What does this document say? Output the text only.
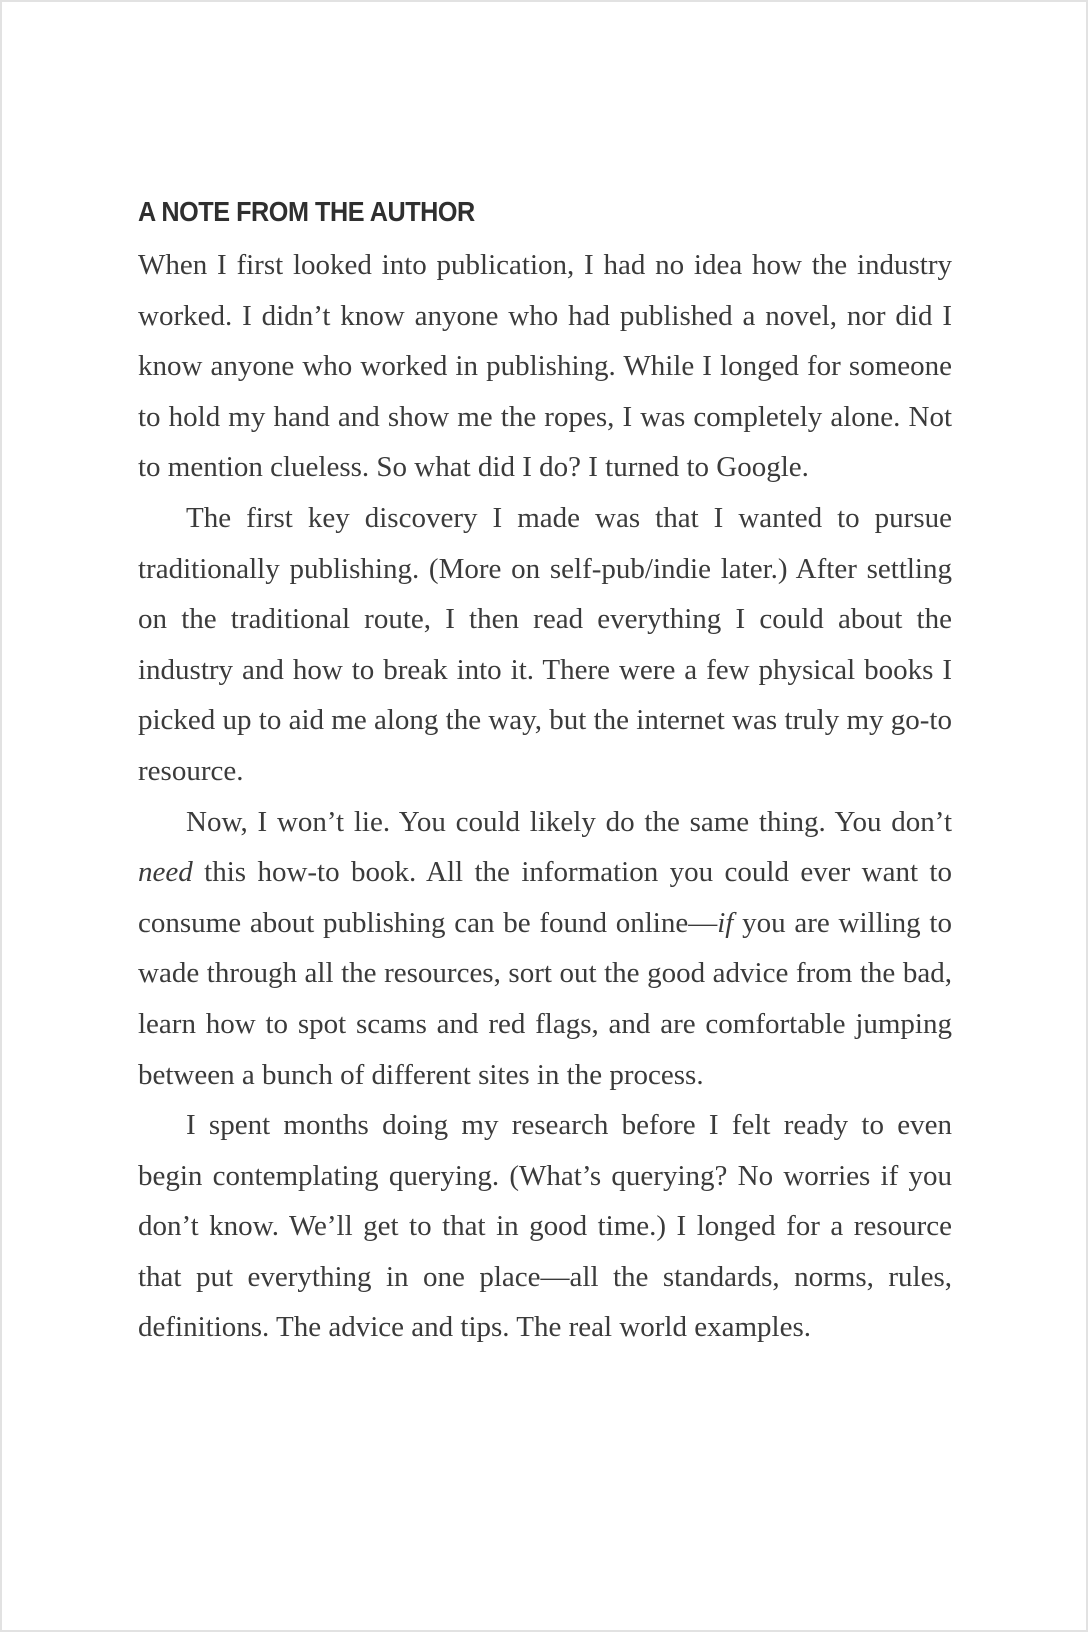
A NOTE FROM THE AUTHOR

When I first looked into publication, I had no idea how the industry worked. I didn’t know anyone who had published a novel, nor did I know anyone who worked in publishing. While I longed for someone to hold my hand and show me the ropes, I was completely alone. Not to mention clueless. So what did I do? I turned to Google.

The first key discovery I made was that I wanted to pursue traditionally publishing. (More on self-pub/indie later.) After settling on the traditional route, I then read everything I could about the industry and how to break into it. There were a few physical books I picked up to aid me along the way, but the internet was truly my go-to resource.

Now, I won’t lie. You could likely do the same thing. You don’t need this how-to book. All the information you could ever want to consume about publishing can be found online—if you are willing to wade through all the resources, sort out the good advice from the bad, learn how to spot scams and red flags, and are comfortable jumping between a bunch of different sites in the process.

I spent months doing my research before I felt ready to even begin contemplating querying. (What’s querying? No worries if you don’t know. We’ll get to that in good time.) I longed for a resource that put everything in one place—all the standards, norms, rules, definitions. The advice and tips. The real world examples.
